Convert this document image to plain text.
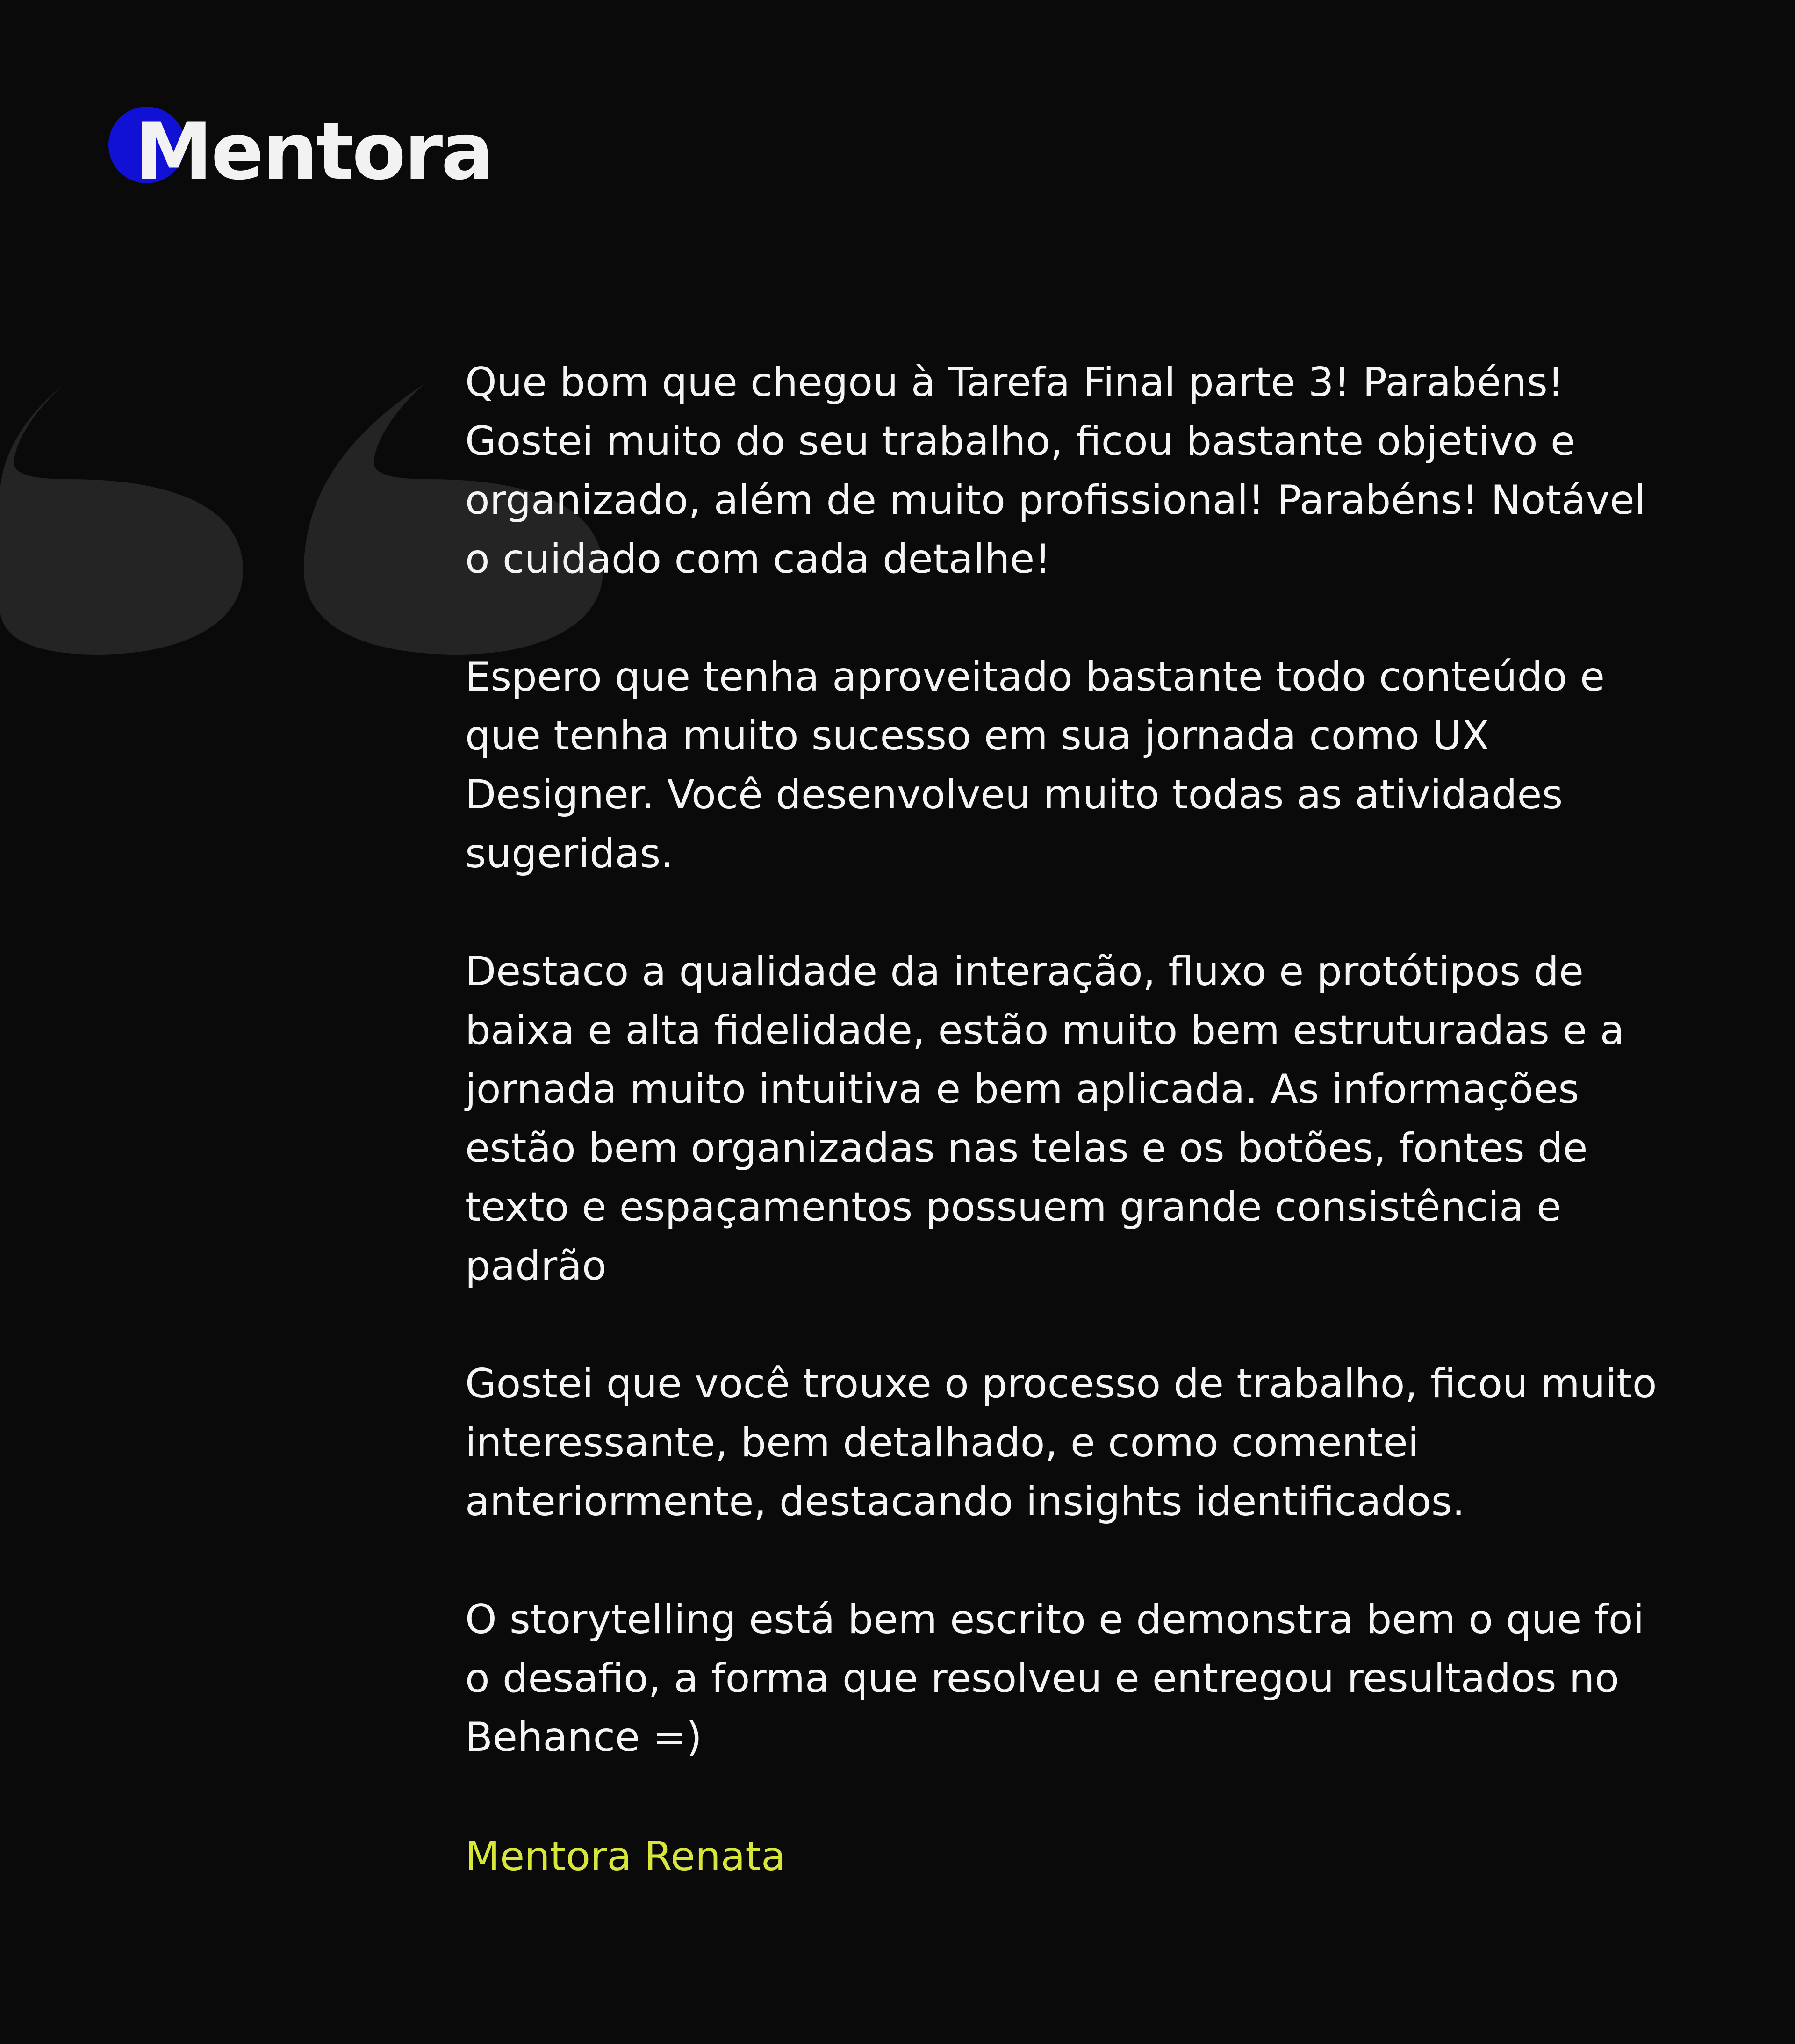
Mentora

Que bom que chegou à Tarefa Final parte 3! Parabéns! Gostei muito do seu trabalho, ficou bastante objetivo e organizado, além de muito profissional! Parabéns! Notável o cuidado com cada detalhe!

Espero que tenha aproveitado bastante todo conteúdo e que tenha muito sucesso em sua jornada como UX Designer. Você desenvolveu muito todas as atividades sugeridas.

Destaco a qualidade da interação, fluxo e protótipos de baixa e alta fidelidade, estão muito bem estruturadas e a jornada muito intuitiva e bem aplicada. As informações estão bem organizadas nas telas e os botões, fontes de texto e espaçamentos possuem grande consistência e padrão

Gostei que você trouxe o processo de trabalho, ficou muito interessante, bem detalhado, e como comentei anteriormente, destacando insights identificados.

O storytelling está bem escrito e demonstra bem o que foi o desafio, a forma que resolveu e entregou resultados no Behance =)

Mentora Renata
